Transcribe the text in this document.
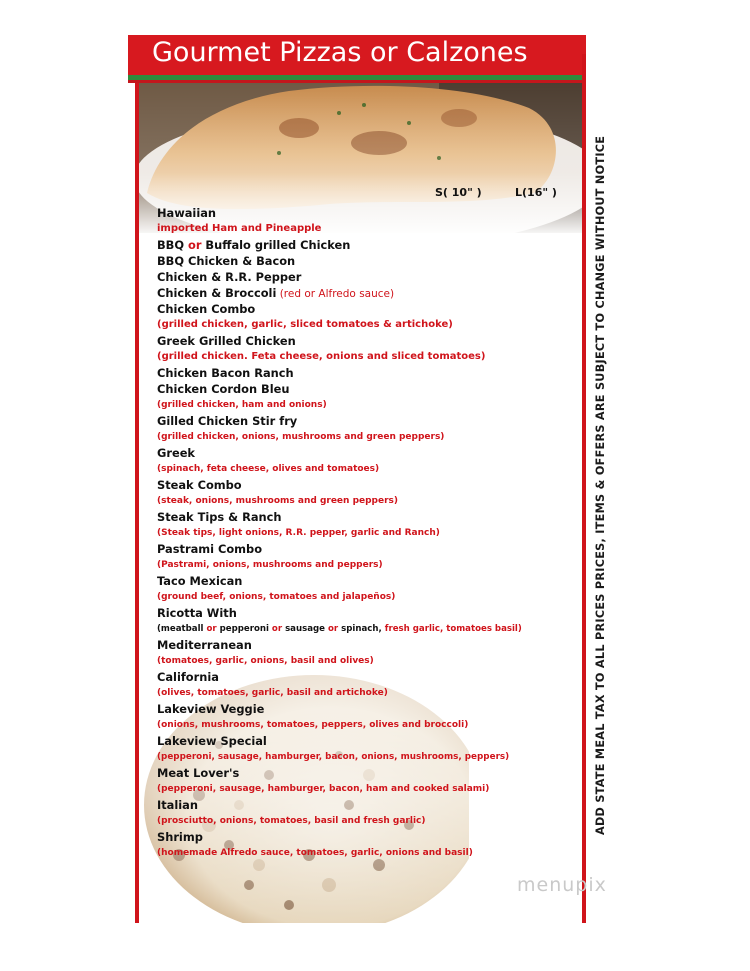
Gourmet Pizzas or Calzones
S( 10" )	L(16" )
Hawaiian
imported Ham and Pineapple
BBQ or Buffalo grilled Chicken
BBQ Chicken & Bacon
Chicken & R.R. Pepper
Chicken & Broccoli (red or Alfredo sauce)
Chicken Combo
(grilled chicken, garlic, sliced tomatoes & artichoke)
Greek Grilled Chicken
(grilled chicken. Feta cheese, onions and sliced tomatoes)
Chicken Bacon Ranch
Chicken Cordon Bleu
(grilled chicken, ham and onions)
Gilled Chicken Stir fry
(grilled chicken, onions, mushrooms and green peppers)
Greek
(spinach, feta cheese, olives and tomatoes)
Steak Combo
(steak, onions, mushrooms and green peppers)
Steak Tips & Ranch
(Steak tips, light onions, R.R. pepper, garlic and Ranch)
Pastrami Combo
(Pastrami, onions, mushrooms and peppers)
Taco Mexican
(ground beef, onions, tomatoes and jalapeños)
Ricotta With
(meatball or pepperoni or sausage or spinach, fresh garlic, tomatoes basil)
Mediterranean
(tomatoes, garlic, onions, basil and olives)
California
(olives, tomatoes, garlic, basil and artichoke)
Lakeview Veggie
(onions, mushrooms, tomatoes, peppers, olives and broccoli)
Lakeview Special
(pepperoni, sausage, hamburger, bacon, onions, mushrooms, peppers)
Meat Lover's
(pepperoni, sausage, hamburger, bacon, ham and cooked salami)
Italian
(prosciutto, onions, tomatoes, basil and fresh garlic)
Shrimp
(homemade Alfredo sauce, tomatoes, garlic, onions and basil)
ADD STATE MEAL TAX TO ALL PRICES PRICES, ITEMS & OFFERS ARE SUBJECT TO CHANGE WITHOUT NOTICE
menupix
